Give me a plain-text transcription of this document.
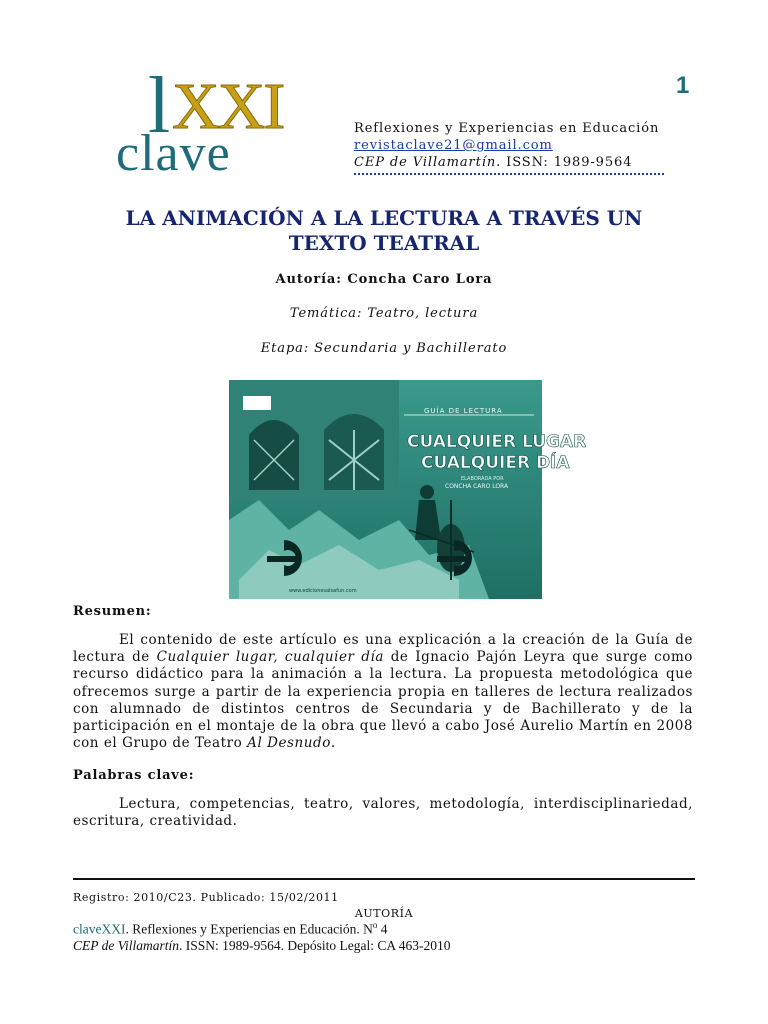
l XXI
clave
1
Reflexiones y Experiencias en Educación
revistaclave21@gmail.com
CEP de Villamartín. ISSN: 1989-9564
LA ANIMACIÓN A LA LECTURA A TRAVÉS UN
TEXTO TEATRAL
Autoría: Concha Caro Lora
Temática: Teatro, lectura
Etapa: Secundaria y Bachillerato
GUÍA DE LECTURA
CUALQUIER LUGAR
CUALQUIER DÍA
ELABORADA POR
CONCHA CARO LORA
www.edicionesalsafun.com
Resumen:
El contenido de este artículo es una explicación a la creación de la Guía de lectura de Cualquier lugar, cualquier día de Ignacio Pajón Leyra que surge como recurso didáctico para la animación a la lectura. La propuesta metodológica que ofrecemos surge a partir de la experiencia propia en talleres de lectura realizados con alumnado de distintos centros de Secundaria y de Bachillerato y de la participación en el montaje de la obra que llevó a cabo José Aurelio Martín en 2008 con el Grupo de Teatro Al Desnudo.
Palabras clave:
Lectura, competencias, teatro, valores, metodología, interdisciplinariedad, escritura, creatividad.
Registro: 2010/C23. Publicado: 15/02/2011
AUTORÍA
claveXXI. Reflexiones y Experiencias en Educación. $N^o$ 4
CEP de Villamartín. ISSN: 1989-9564. Depósito Legal: CA 463-2010
